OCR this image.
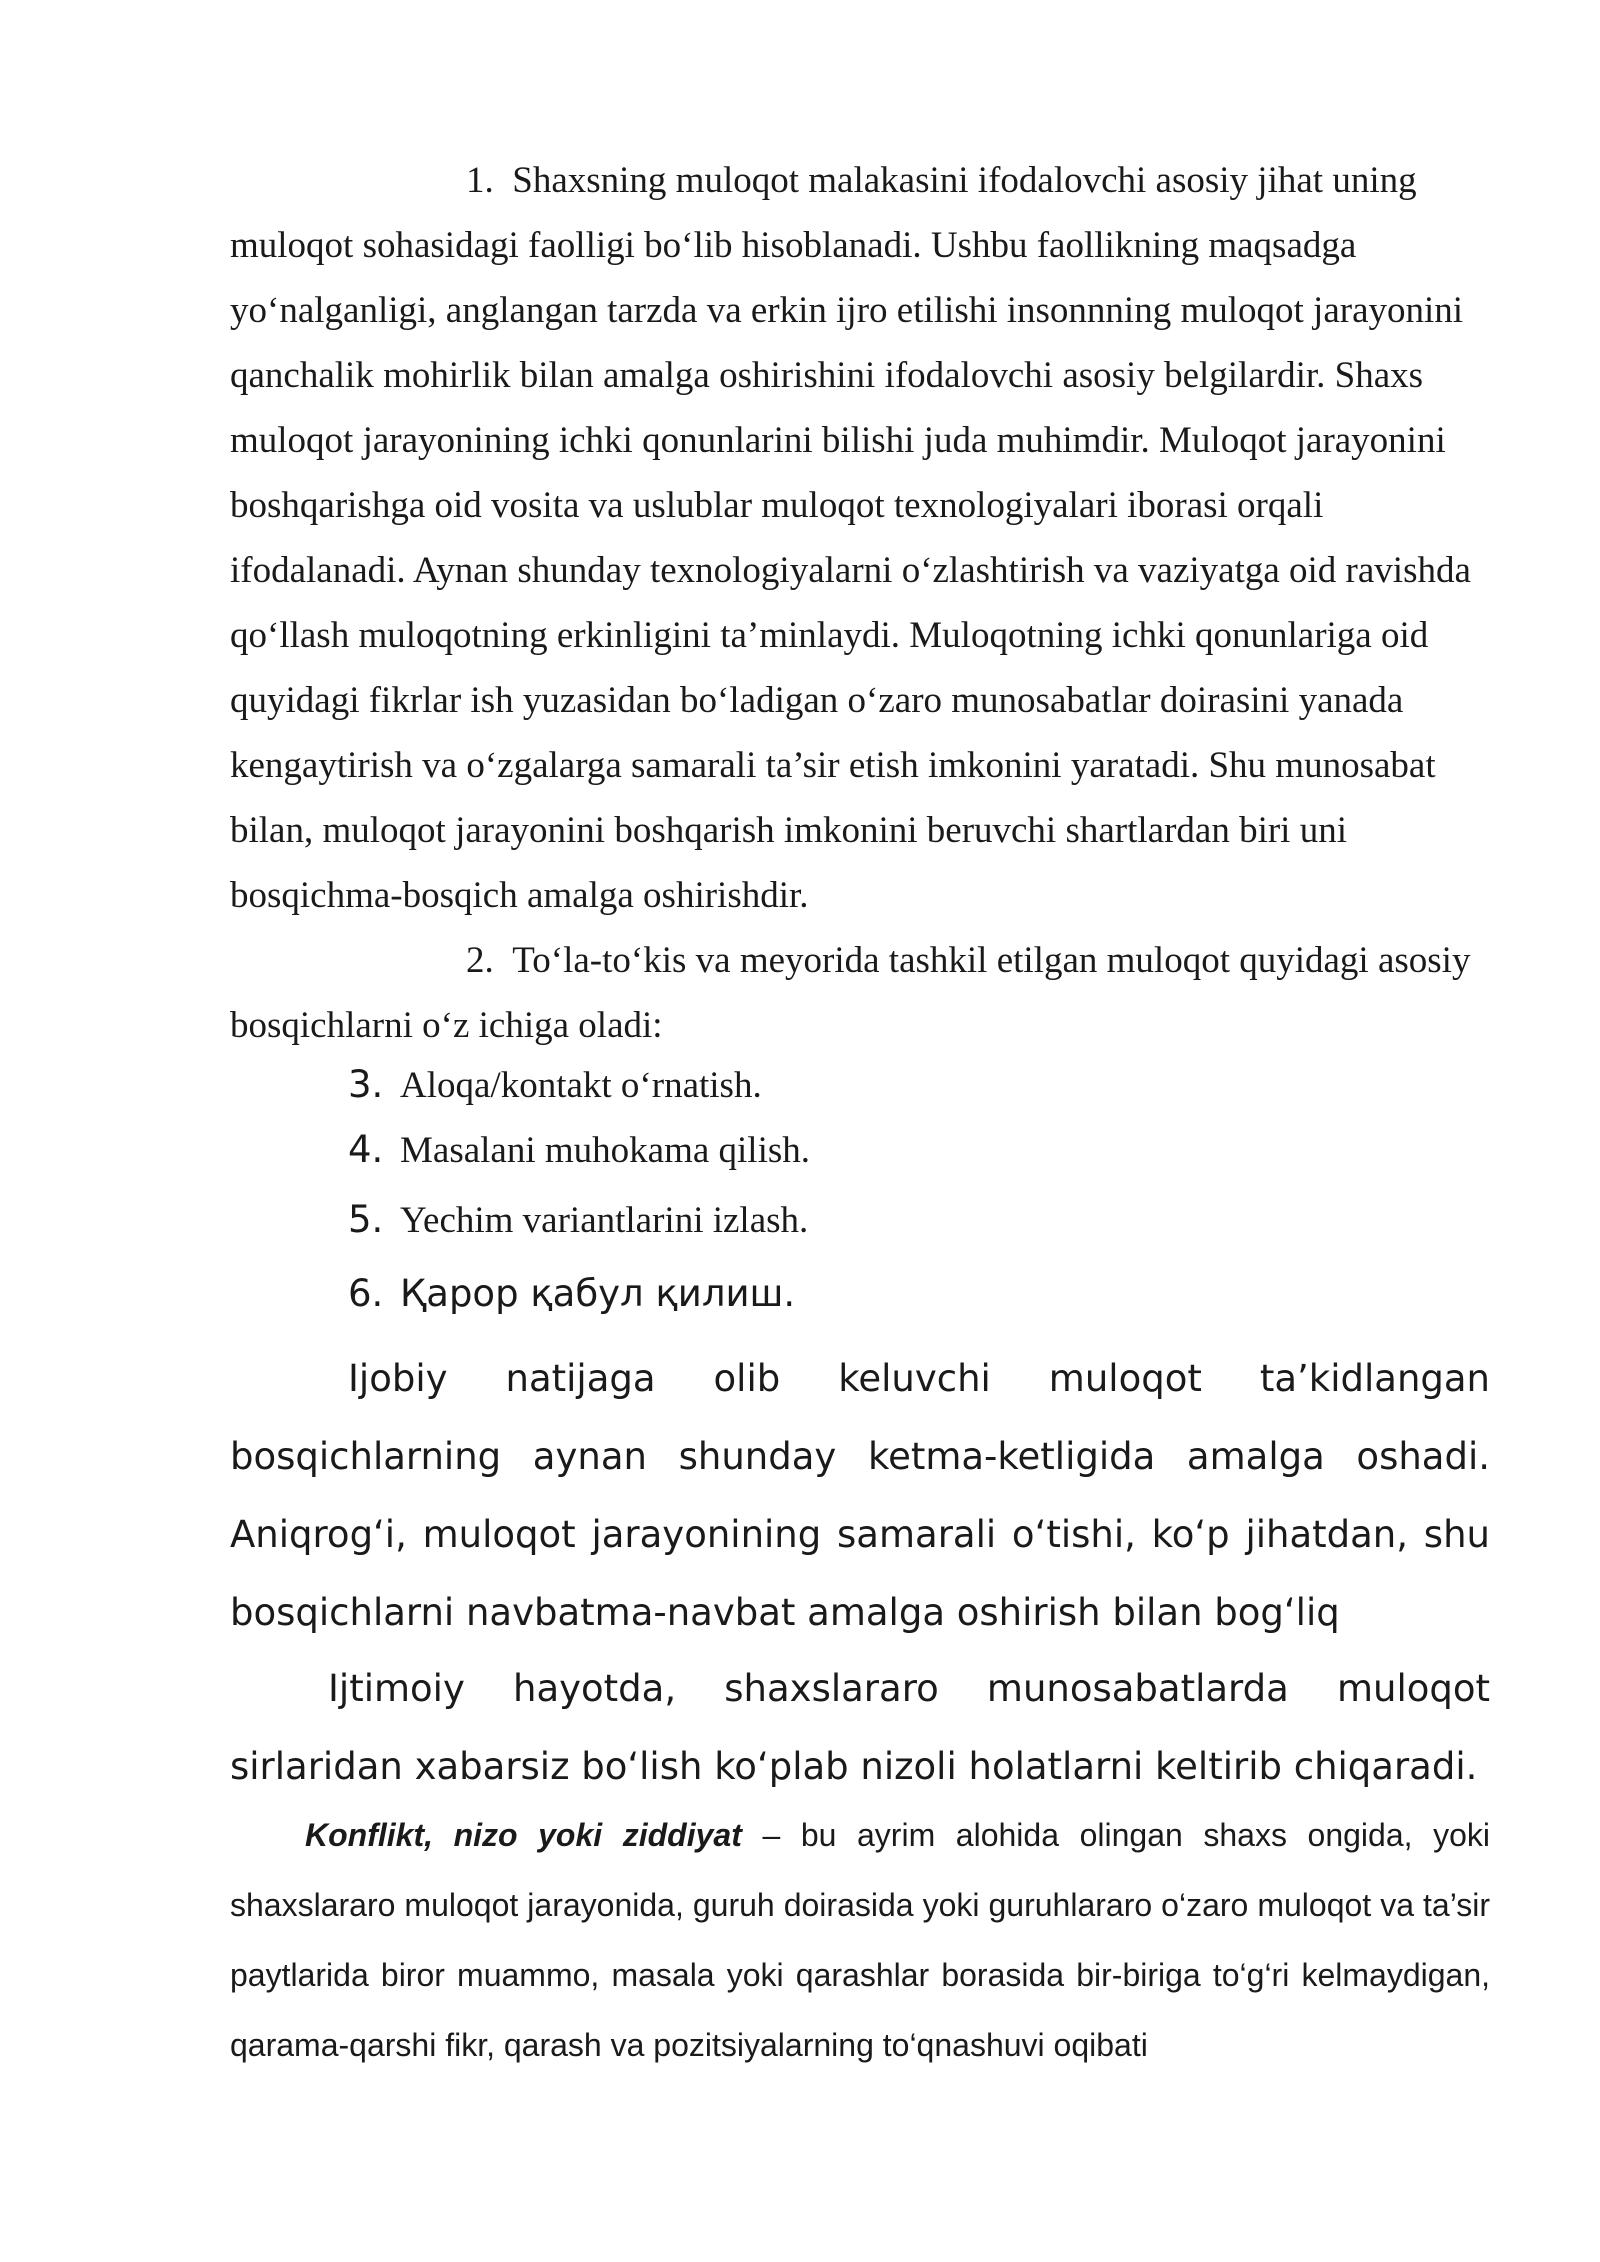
1. Shaxsning muloqot malakasini ifodalovchi asosiy jihat uning muloqot sohasidagi faolligi bo‘lib hisoblanadi. Ushbu faollikning maqsadga yo‘nalganligi, anglangan tarzda va erkin ijro etilishi insonnning muloqot jarayonini qanchalik mohirlik bilan amalga oshirishini ifodalovchi asosiy belgilardir. Shaxs muloqot jarayonining ichki qonunlarini bilishi juda muhimdir. Muloqot jarayonini boshqarishga oid vosita va uslublar muloqot texnologiyalari iborasi orqali ifodalanadi. Aynan shunday texnologiyalarni o‘zlashtirish va vaziyatga oid ravishda qo‘llash muloqotning erkinligini ta’minlaydi. Muloqotning ichki qonunlariga oid quyidagi fikrlar ish yuzasidan bo‘ladigan o‘zaro munosabatlar doirasini yanada kengaytirish va o‘zgalarga samarali ta’sir etish imkonini yaratadi. Shu munosabat bilan, muloqot jarayonini boshqarish imkonini beruvchi shartlardan biri uni bosqichma-bosqich amalga oshirishdir.
2. To‘la-to‘kis va meyorida tashkil etilgan muloqot quyidagi asosiy bosqichlarni o‘z ichiga oladi:
3. Aloqa/kontakt o‘rnatish.
4. Masalani muhokama qilish.
5. Yechim variantlarini izlash.
6. Қарор қабул қилиш.
Ijobiy natijaga olib keluvchi muloqot ta’kidlangan bosqichlarning aynan shunday ketma-ketligida amalga oshadi. Aniqrog‘i, muloqot jarayonining samarali o‘tishi, ko‘p jihatdan, shu bosqichlarni navbatma-navbat amalga oshirish bilan bog‘liq
Ijtimoiy hayotda, shaxslararo munosabatlarda muloqot sirlaridan xabarsiz bo‘lish ko‘plab nizoli holatlarni keltirib chiqaradi.
Konflikt, nizo yoki ziddiyat – bu ayrim alohida olingan shaxs ongida, yoki shaxslararo muloqot jarayonida, guruh doirasida yoki guruhlararo o‘zaro muloqot va ta’sir paytlarida biror muammo, masala yoki qarashlar borasida bir-biriga to‘g‘ri kelmaydigan, qarama-qarshi fikr, qarash va pozitsiyalarning to‘qnashuvi oqibati
